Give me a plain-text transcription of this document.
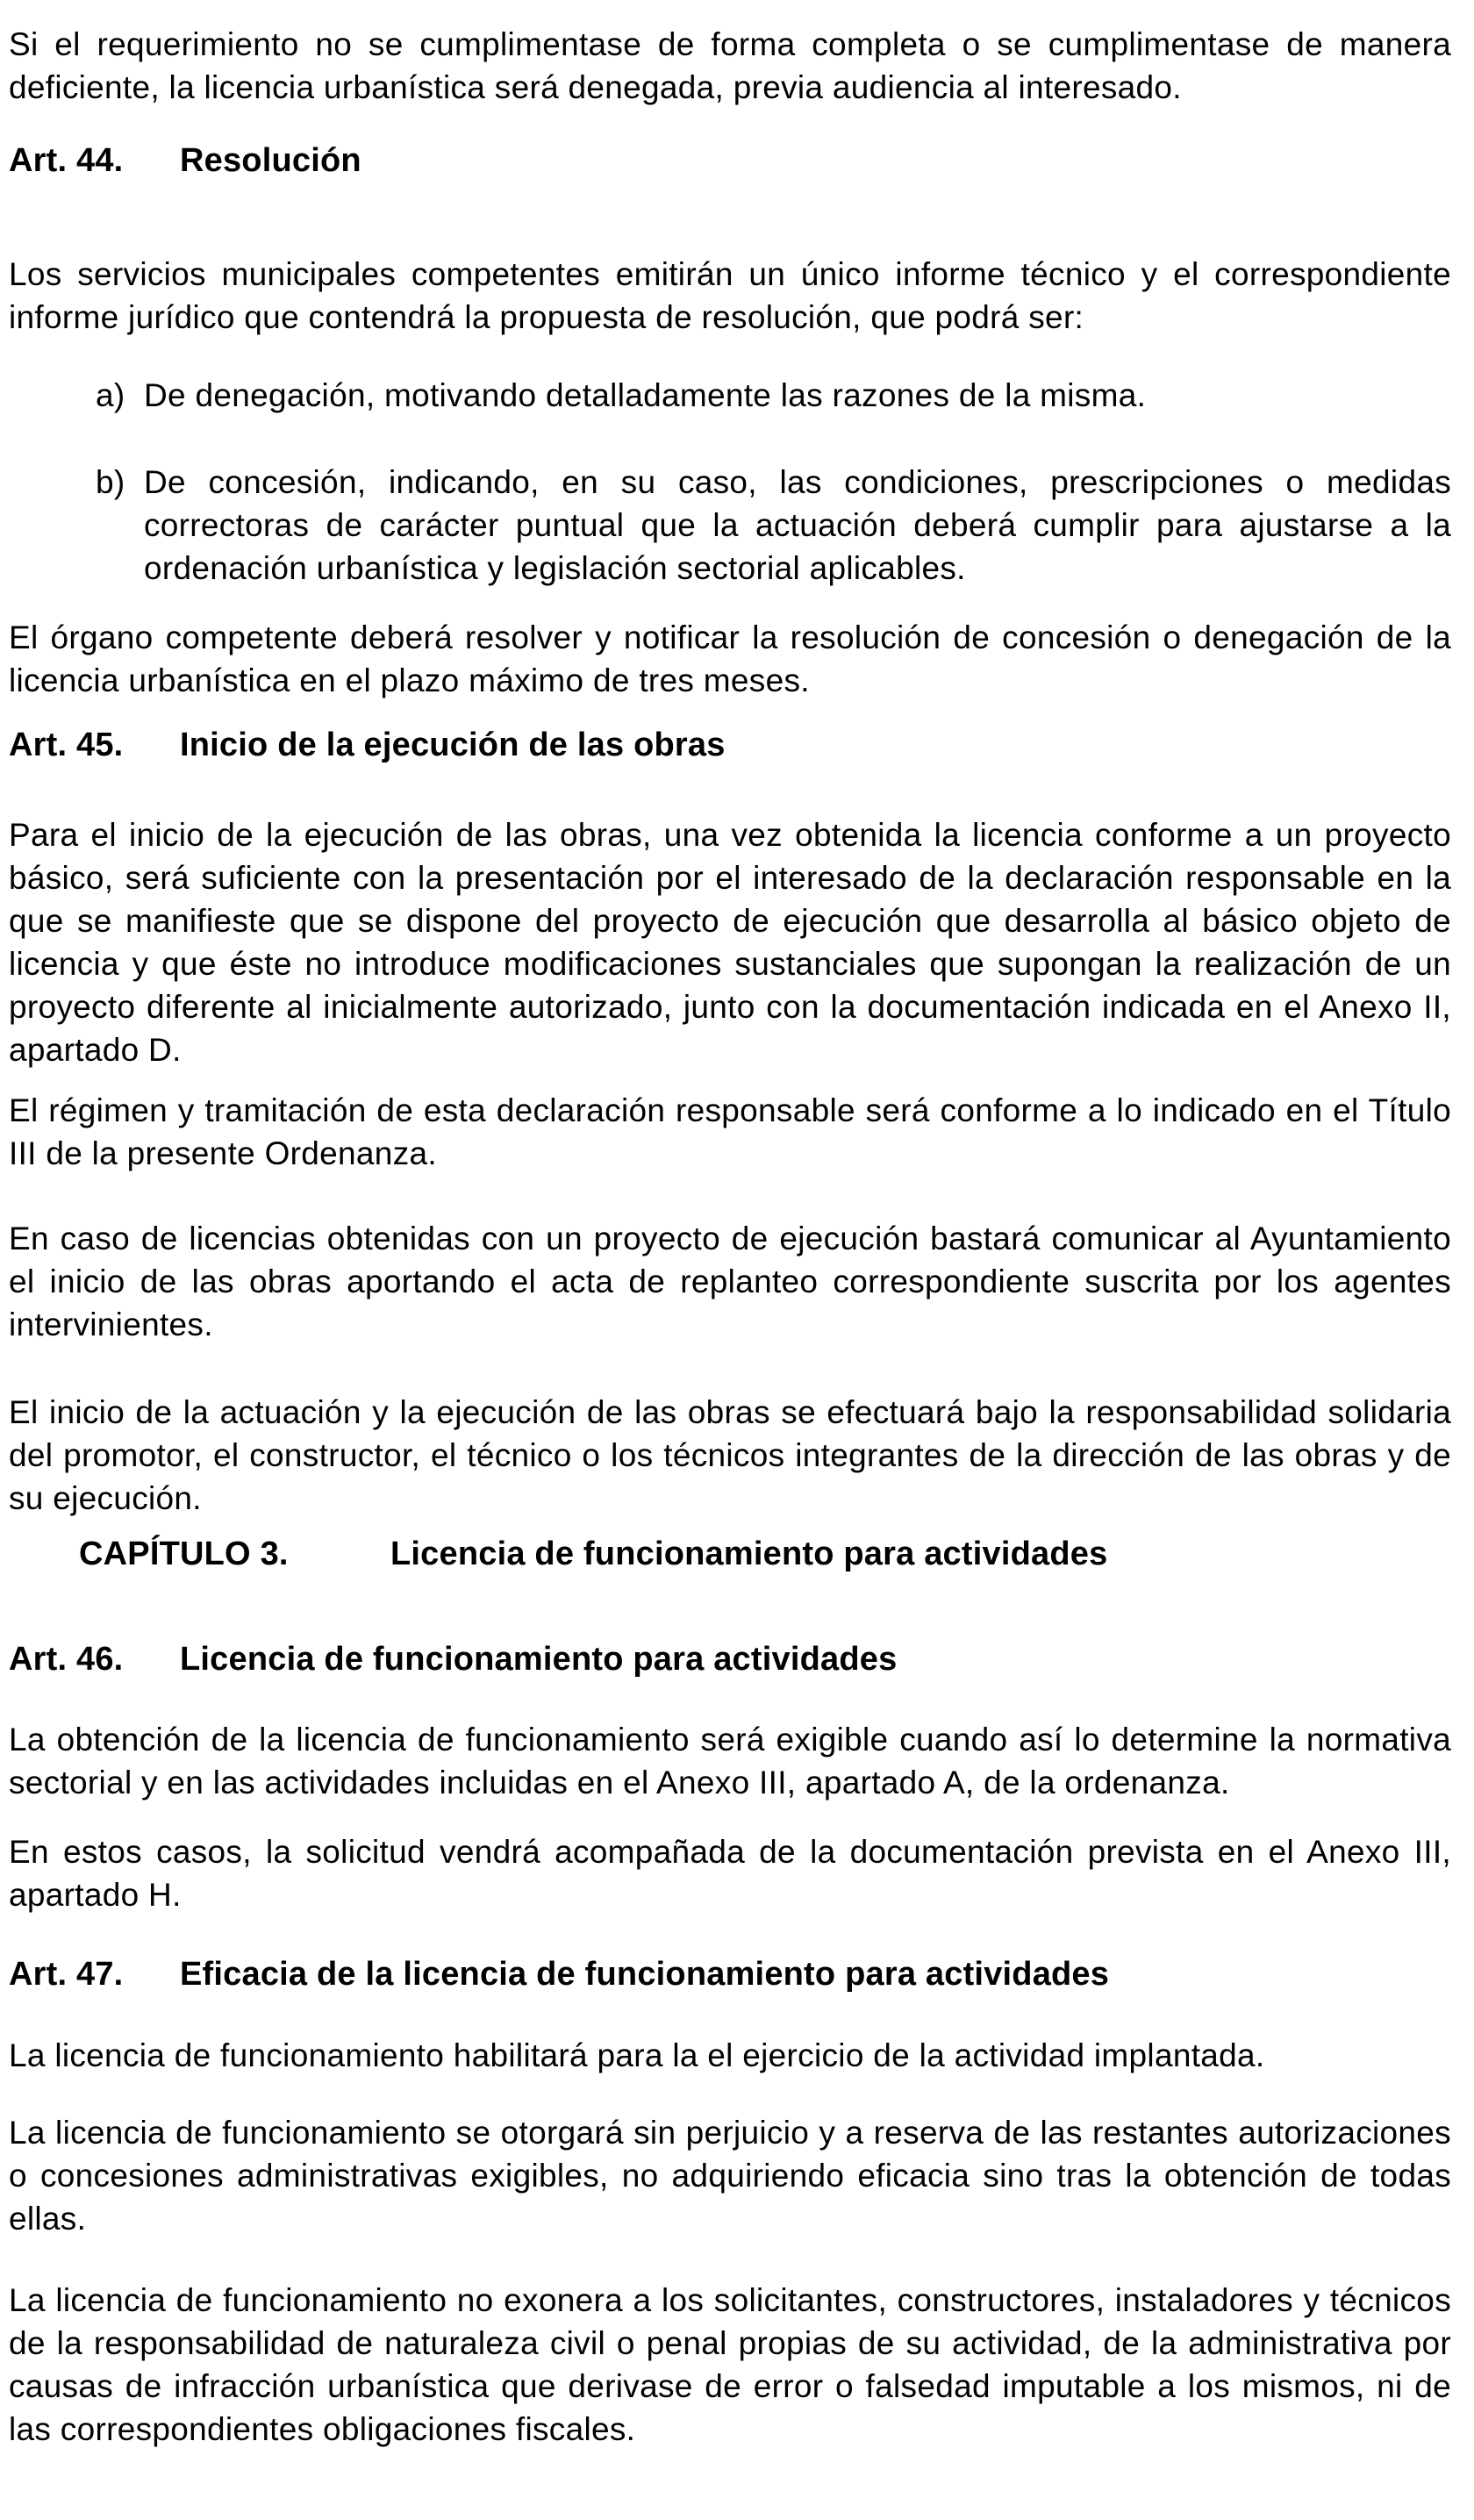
Si el requerimiento no se cumplimentase de forma completa o se cumplimentase de manera deficiente, la licencia urbanística será denegada, previa audiencia al interesado.

Art. 44. Resolución

Los servicios municipales competentes emitirán un único informe técnico y el correspondiente informe jurídico que contendrá la propuesta de resolución, que podrá ser:

a) De denegación, motivando detalladamente las razones de la misma.
b) De concesión, indicando, en su caso, las condiciones, prescripciones o medidas correctoras de carácter puntual que la actuación deberá cumplir para ajustarse a la ordenación urbanística y legislación sectorial aplicables.

El órgano competente deberá resolver y notificar la resolución de concesión o denegación de la licencia urbanística en el plazo máximo de tres meses.

Art. 45. Inicio de la ejecución de las obras

Para el inicio de la ejecución de las obras, una vez obtenida la licencia conforme a un proyecto básico, será suficiente con la presentación por el interesado de la declaración responsable en la que se manifieste que se dispone del proyecto de ejecución que desarrolla al básico objeto de licencia y que éste no introduce modificaciones sustanciales que supongan la realización de un proyecto diferente al inicialmente autorizado, junto con la documentación indicada en el Anexo II, apartado D.

El régimen y tramitación de esta declaración responsable será conforme a lo indicado en el Título III de la presente Ordenanza.

En caso de licencias obtenidas con un proyecto de ejecución bastará comunicar al Ayuntamiento el inicio de las obras aportando el acta de replanteo correspondiente suscrita por los agentes intervinientes.

El inicio de la actuación y la ejecución de las obras se efectuará bajo la responsabilidad solidaria del promotor, el constructor, el técnico o los técnicos integrantes de la dirección de las obras y de su ejecución.

CAPÍTULO 3.	Licencia de funcionamiento para actividades
Art. 46. Licencia de funcionamiento para actividades

La obtención de la licencia de funcionamiento será exigible cuando así lo determine la normativa sectorial y en las actividades incluidas en el Anexo III, apartado A, de la ordenanza.

En estos casos, la solicitud vendrá acompañada de la documentación prevista en el Anexo III, apartado H.

Art. 47. Eficacia de la licencia de funcionamiento para actividades

La licencia de funcionamiento habilitará para la el ejercicio de la actividad implantada.

La licencia de funcionamiento se otorgará sin perjuicio y a reserva de las restantes autorizaciones o concesiones administrativas exigibles, no adquiriendo eficacia sino tras la obtención de todas ellas.

La licencia de funcionamiento no exonera a los solicitantes, constructores, instaladores y técnicos de la responsabilidad de naturaleza civil o penal propias de su actividad, de la administrativa por causas de infracción urbanística que derivase de error o falsedad imputable a los mismos, ni de las correspondientes obligaciones fiscales.
